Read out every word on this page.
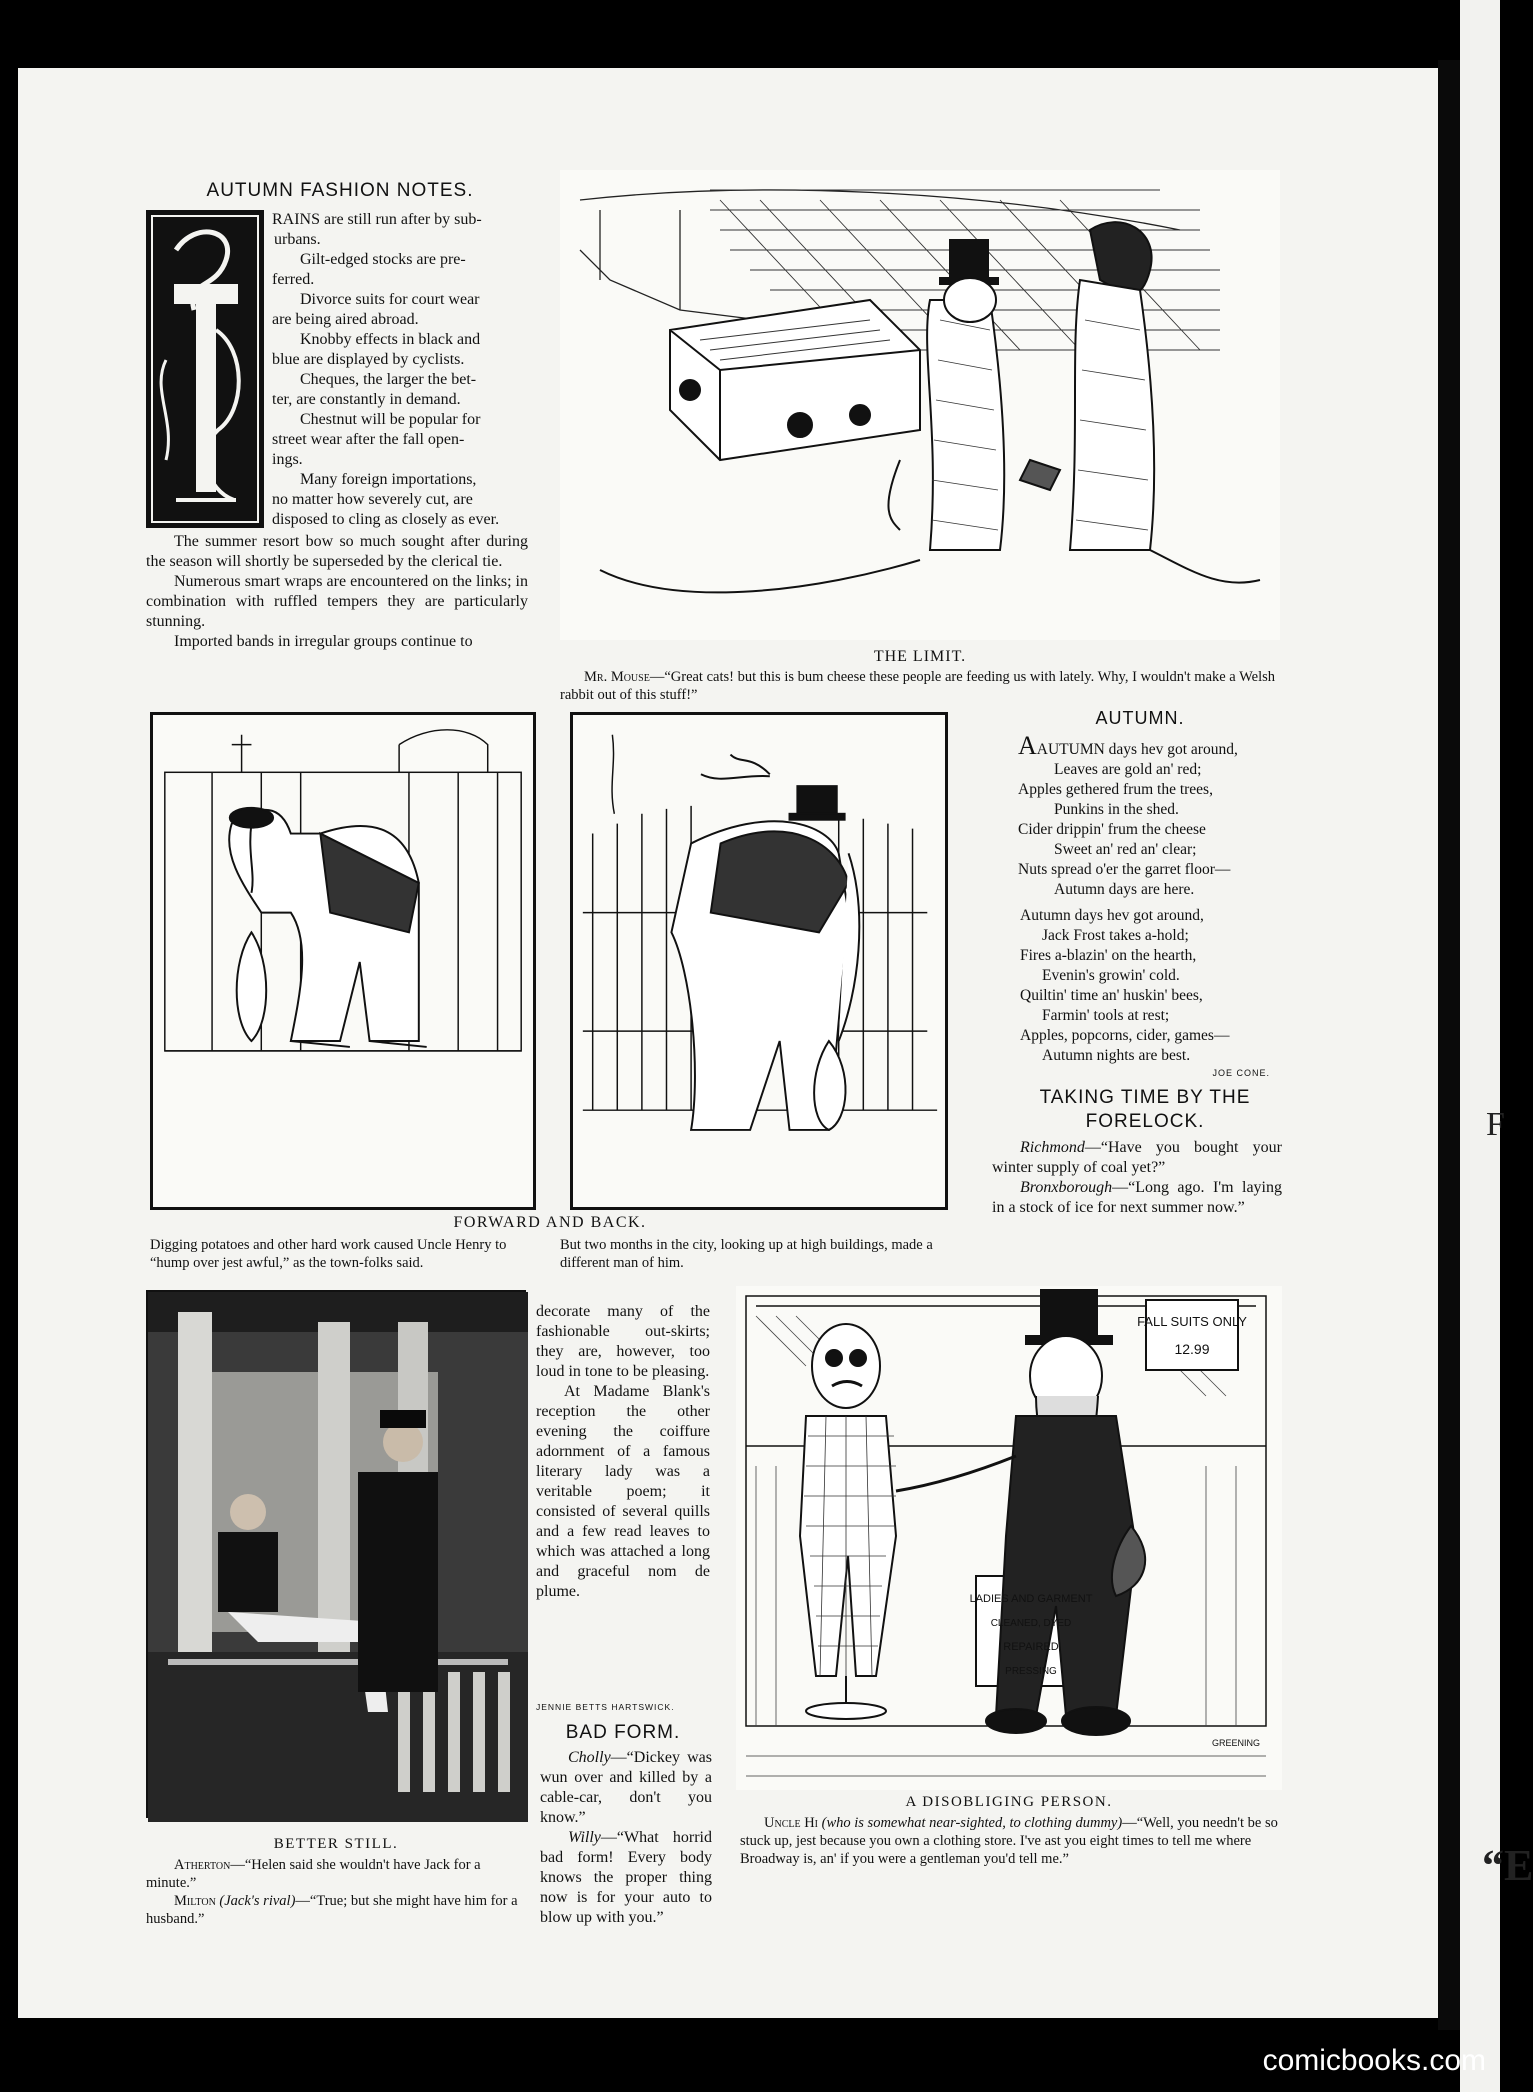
F
“E
AUTUMN FASHION NOTES.

RAINS are still run after by sub-

urbans.

Gilt-edged stocks are pre-

ferred.

Divorce suits for court wear

are being aired abroad.

Knobby effects in black and

blue are displayed by cyclists.

Cheques, the larger the bet-

ter, are constantly in demand.

Chestnut will be popular for

street wear after the fall open-

ings.

Many foreign importations,

no matter how severely cut, are

disposed to cling as closely as ever.

The summer resort bow so much sought after during the season will shortly be superseded by the clerical tie.

Numerous smart wraps are encountered on the links; in combination with ruffled tempers they are particularly stunning.

Imported bands in irregular groups continue to

THE LIMIT.
Mr. Mouse—“Great cats! but this is bum cheese these people are feeding us with lately. Why, I wouldn't make a Welsh rabbit out of this stuff!”
FORWARD AND BACK.
Digging potatoes and other hard work caused Uncle Henry to “hump over jest awful,” as the town-folks said.
But two months in the city, looking up at high buildings, made a different man of him.
AUTUMN.

AAUTUMN days hev got around,

Leaves are gold an' red;

Apples gethered frum the trees,

Punkins in the shed.

Cider drippin' frum the cheese

Sweet an' red an' clear;

Nuts spread o'er the garret floor—

Autumn days are here.

Autumn days hev got around,

Jack Frost takes a-hold;

Fires a-blazin' on the hearth,

Evenin's growin' cold.

Quiltin' time an' huskin' bees,

Farmin' tools at rest;

Apples, popcorns, cider, games—

Autumn nights are best.

JOE CONE.
TAKING TIME BY THE
FORELOCK.

Richmond—“Have you bought your winter supply of coal yet?”

Bronxborough—“Long ago. I'm laying in a stock of ice for next summer now.”

BETTER STILL.

Atherton—“Helen said she wouldn't have Jack for a minute.”

Milton (Jack's rival)—“True; but she might have him for a husband.”

decorate many of the fashionable out-skirts; they are, however, too loud in tone to be pleasing.

At Madame Blank's reception the other evening the coiffure adornment of a famous literary lady was a veritable poem; it consisted of several quills and a few read leaves to which was attached a long and graceful nom de plume.

JENNIE BETTS HARTSWICK.
BAD FORM.

Cholly—“Dickey was wun over and killed by a cable-car, don't you know.”

Willy—“What horrid bad form! Every body knows the proper thing now is for your auto to blow up with you.”

FALL SUITS ONLY
12.99
LADIES AND GARMENT
CLEANED, DYED
REPAIRED
PRESSING
GREENING
A DISOBLIGING PERSON.
Uncle Hi (who is somewhat near-sighted, to clothing dummy)—“Well, you needn't be so stuck up, jest because you own a clothing store. I've ast you eight times to tell me where Broadway is, an' if you were a gentleman you'd tell me.”
comicbooks.com
